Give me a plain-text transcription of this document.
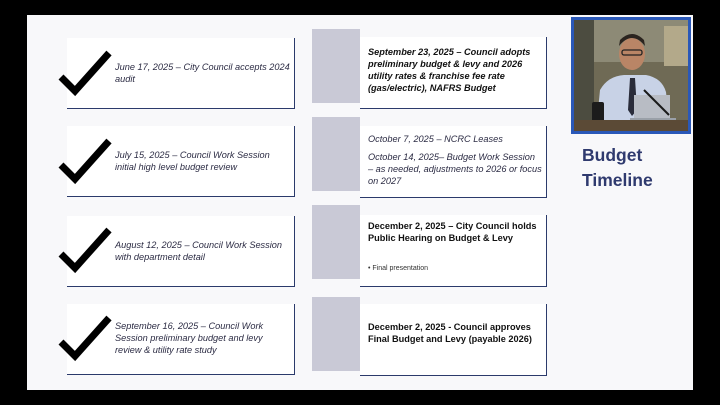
June 17, 2025 – City Council accepts 2024 audit
July 15, 2025 – Council Work Session initial high level budget review
August 12, 2025 – Council Work Session with department detail
September 16, 2025 – Council Work Session preliminary budget and levy review & utility rate study
September 23, 2025 – Council adopts preliminary budget & levy and 2026 utility rates & franchise fee rate (gas/electric), NAFRS Budget
October 7, 2025 – NCRC Leases
October 14, 2025– Budget Work Session – as needed, adjustments to 2026 or focus on 2027
December 2, 2025 – City Council holds Public Hearing on Budget & Levy
• Final presentation
December 2, 2025 - Council approves Final Budget and Levy (payable 2026)
Budget
Timeline
